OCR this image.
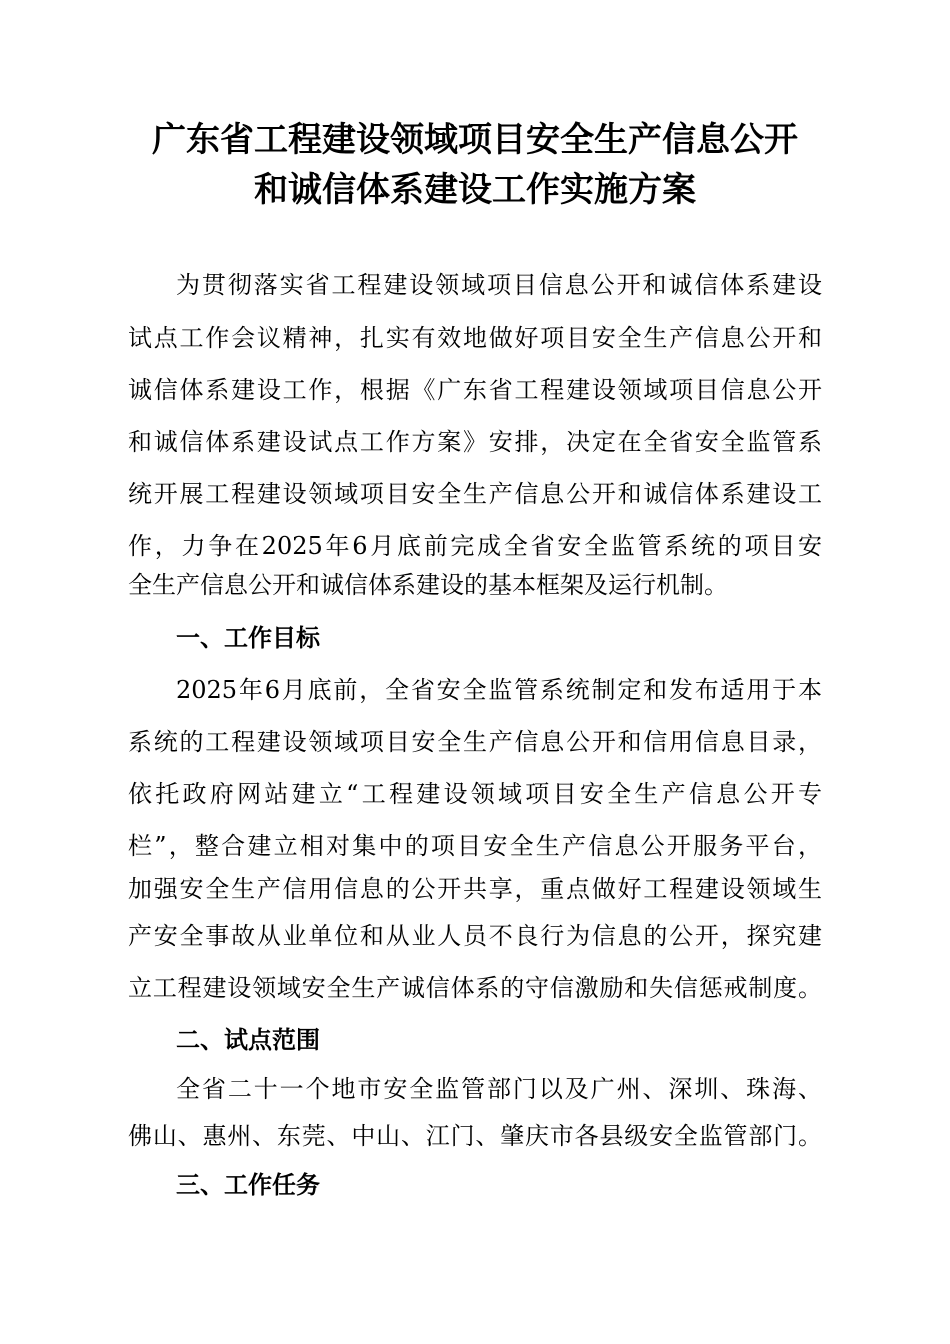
广东省工程建设领域项目安全生产信息公开
和诚信体系建设工作实施方案

为贯彻落实省工程建设领域项目信息公开和诚信体系建设

试点工作会议精神，扎实有效地做好项目安全生产信息公开和

诚信体系建设工作，根据《广东省工程建设领域项目信息公开

和诚信体系建设试点工作方案》安排，决定在全省安全监管系

统开展工程建设领域项目安全生产信息公开和诚信体系建设工

作，力争在2025年6月底前完成全省安全监管系统的项目安

全生产信息公开和诚信体系建设的基本框架及运行机制。

一、工作目标

2025年6月底前，全省安全监管系统制定和发布适用于本

系统的工程建设领域项目安全生产信息公开和信用信息目录，

依托政府网站建立“工程建设领域项目安全生产信息公开专

栏”，整合建立相对集中的项目安全生产信息公开服务平台，

加强安全生产信用信息的公开共享，重点做好工程建设领域生

产安全事故从业单位和从业人员不良行为信息的公开，探究建

立工程建设领域安全生产诚信体系的守信激励和失信惩戒制度。

二、试点范围

全省二十一个地市安全监管部门以及广州、深圳、珠海、

佛山、惠州、东莞、中山、江门、肇庆市各县级安全监管部门。

三、工作任务
